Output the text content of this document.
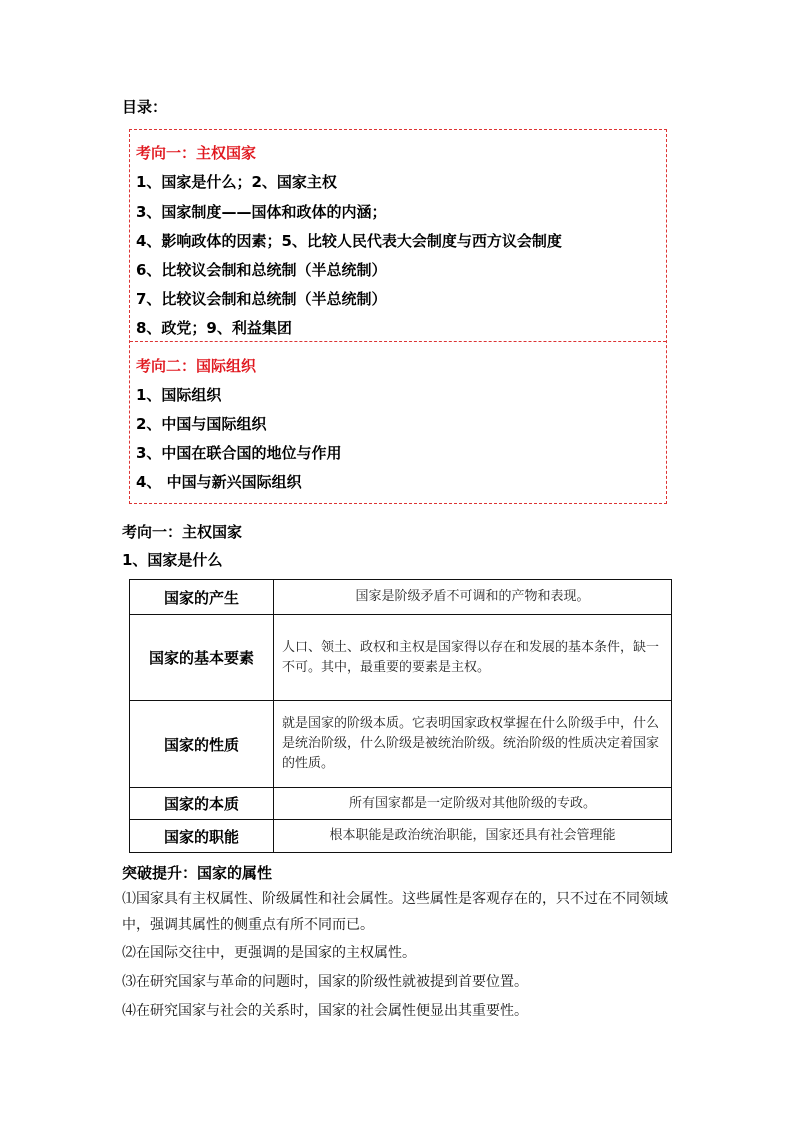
目录：
考向一：主权国家
1、国家是什么；2、国家主权
3、国家制度——国体和政体的内涵；
4、影响政体的因素；5、比较人民代表大会制度与西方议会制度
6、比较议会制和总统制（半总统制）
7、比较议会制和总统制（半总统制）
8、政党；9、利益集团
考向二：国际组织
1、国际组织
2、中国与国际组织
3、中国在联合国的地位与作用
4、 中国与新兴国际组织
考向一：主权国家
1、国家是什么
国家的产生	国家是阶级矛盾不可调和的产物和表现。
国家的基本要素	人口、领土、政权和主权是国家得以存在和发展的基本条件，缺一不可。其中，最重要的要素是主权。
国家的性质	就是国家的阶级本质。它表明国家政权掌握在什么阶级手中，什么是统治阶级，什么阶级是被统治阶级。统治阶级的性质决定着国家的性质。
国家的本质	所有国家都是一定阶级对其他阶级的专政。
国家的职能	根本职能是政治统治职能，国家还具有社会管理能
突破提升：国家的属性
⑴国家具有主权属性、阶级属性和社会属性。这些属性是客观存在的，只不过在不同领域中，强调其属性的侧重点有所不同而已。
⑵在国际交往中，更强调的是国家的主权属性。
⑶在研究国家与革命的问题时，国家的阶级性就被提到首要位置。
⑷在研究国家与社会的关系时，国家的社会属性便显出其重要性。
